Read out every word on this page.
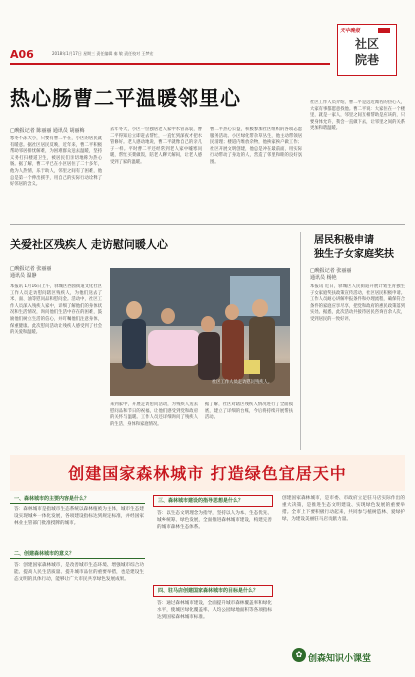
A06	2018年1月17日 星期三 责任编辑 秦 敏 责任校对 王梦宏
天中晚报
社区
院巷
热心肠曹二平温暖邻里心
□晚报记者 陈丽丽 通讯员 胡丽梅
寒冬不冻大小，只要有曹二平在，小区的居民就有暖意。据社区居民反映，近年来，曹二平积极帮助邻居排忧解难，为困难群众送去温暖，坚持义务打扫楼道卫生，被居民们亲切地称为热心肠。据了解，曹二平已在小区居住了二十多年，他为人热情，乐于助人，邻里之间有了困难，他总是第一个伸出援手，用自己的实际行动诠释了好邻居的含义。
去年冬天，小区一位独居老人家中水管冻裂，曹二平得知后立即赶去帮忙，一直忙到深夜才把水管修好。老人感动地说，曹二平就像自己的亲儿子一样。平时曹二平还经常到老人家中嘘寒问暖，帮忙买菜做饭，陪老人聊天解闷，让老人感受到了家的温暖。
曹二平热心公益，积极参加社区组织的各项志愿服务活动。小区绿化带杂草丛生，他主动带领居民清理；楼道内堆放杂物，他挨家挨户做工作；社区开展文明创建，他总是冲在最前面，用实际行动带动了身边的人，营造了邻里和睦的良好氛围。
社区工作人员介绍，曹二平是远近闻名的热心人，大家有事都愿意找他。曹二平说：大家住在一个楼里，就是一家人，邻里之间互相帮助是应该的，只要身体允许，我会一直做下去，让邻里之间的关系更加和谐温暖。
关爱社区残疾人 走访慰问暖人心
□晚报记者 张丽丽
通讯员 温静
本报讯 1月16日上午，驿城区西园街道文化社区工作人员走访慰问辖区残疾人，为他们送去了米、面、油等慰问品和慰问金。活动中，社区工作人员深入残疾人家中，详细了解他们的身体状况和生活情况，询问他们生活中存在的困难，鼓励他们树立生活的信心，并叮嘱他们注意身体，保重健康。此次慰问活动让残疾人感受到了社会的关爱和温暖。
社区工作人员走访慰问残疾人。
来到家中，开展走访慰问活动，为残疾人送去慰问品和节日的祝福，让他们感受到党和政府的关怀与温暖。工作人员还详细询问了残疾人的生活、身体和家庭情况。
据了解，社区对辖区残疾人情况进行了全面摸底，建立了详细的台账，今后将持续开展帮扶活动。
居民积极申请
独生子女家庭奖扶
□晚报记者 张丽丽
通讯员 杨艳
本报讯 近日，驿城区人民街道开展计划生育独生子女家庭奖扶政策宣传活动，社区居民积极申请。工作人员耐心讲解申报条件和办理流程，确保符合条件的家庭应享尽享，把党和政府的惠民政策落到实处。据悉，此次活动共接待居民咨询百余人次，受到居民的一致好评。
创建国家森林城市 打造绿色宜居天中
一、森林城市的主要内容是什么？
答：森林城市是指城市生态系统以森林植被为主体，城市生态建设实现城乡一体化发展，各项建设指标达到规定标准，并经国家林业主管部门批准授牌的城市。
二、创建森林城市的意义？
答：创建国家森林城市，是改善城市生态环境、增强城市综合功能、提高人民生活质量、提升城市品位的重要举措，也是建设生态文明的具体行动，能够让广大市民共享绿色发展成果。
三、森林城市建设的指导思想是什么？
答：以生态文明理念为指导，坚持以人为本、生态优先、城乡统筹、绿色发展，全面推进森林城市建设，构建完善的城市森林生态体系。
四、驻马店创建国家森林城市的目标是什么？
答：通过森林城市建设，全面提升城市森林覆盖率和绿化水平，使城区绿化覆盖率、人均公园绿地面积等各项指标达到国家森林城市标准。
创建国家森林城市，是市委、市政府立足驻马店实际作出的重大决策，是推进生态文明建设、实现绿色发展的重要举措。全市上下要积极行动起来，共同参与植树造林、爱绿护绿，为建设美丽驻马店贡献力量。
✿ 创森知识小课堂
